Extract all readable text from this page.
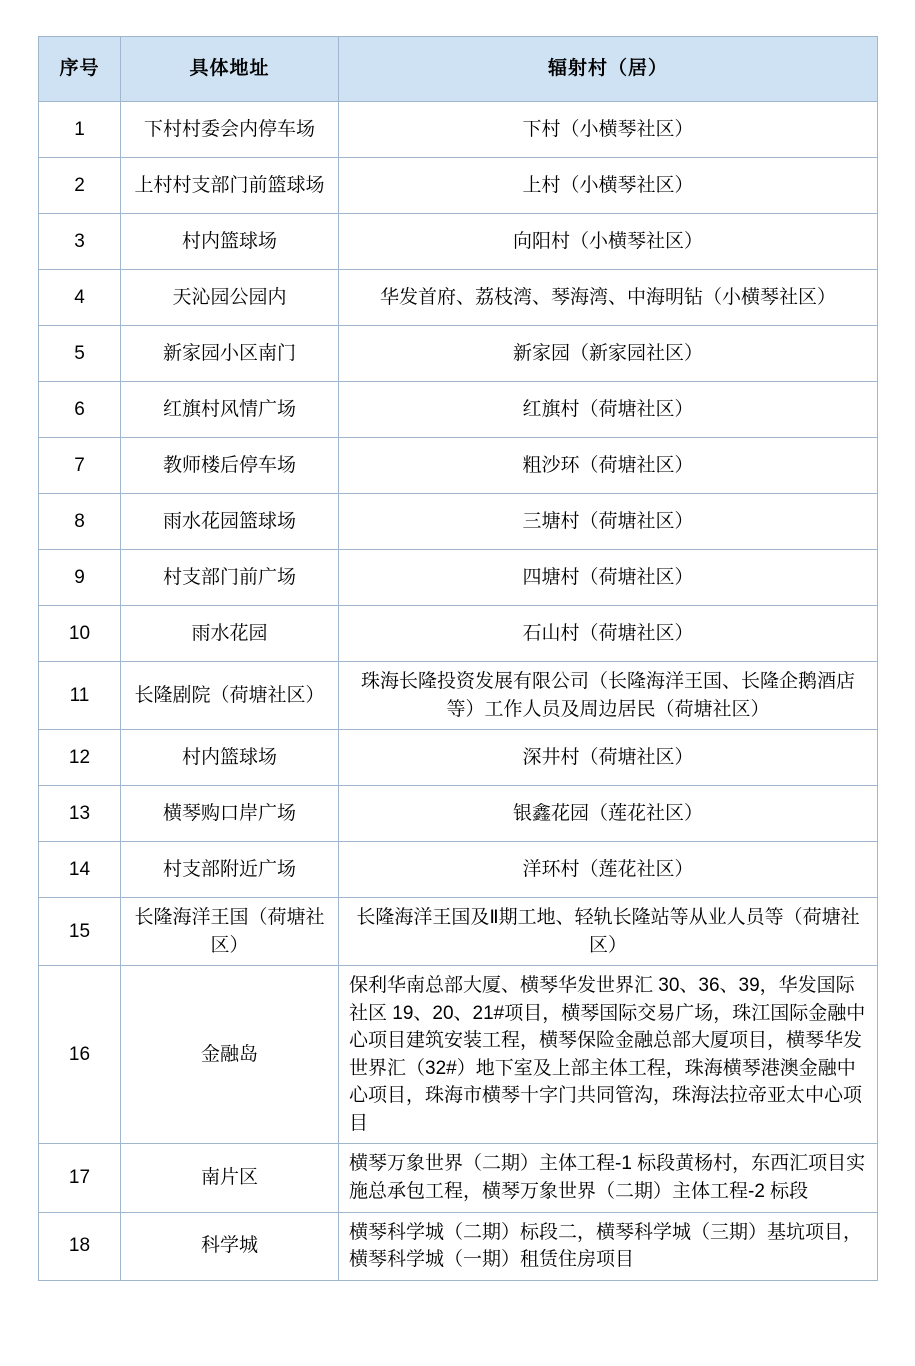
序号	具体地址	辐射村（居）
1	下村村委会内停车场	下村（小横琴社区）
2	上村村支部门前篮球场	上村（小横琴社区）
3	村内篮球场	向阳村（小横琴社区）
4	天沁园公园内	华发首府、荔枝湾、琴海湾、中海明钻（小横琴社区）
5	新家园小区南门	新家园（新家园社区）
6	红旗村风情广场	红旗村（荷塘社区）
7	教师楼后停车场	粗沙环（荷塘社区）
8	雨水花园篮球场	三塘村（荷塘社区）
9	村支部门前广场	四塘村（荷塘社区）
10	雨水花园	石山村（荷塘社区）
11	长隆剧院（荷塘社区）	珠海长隆投资发展有限公司（长隆海洋王国、长隆企鹅酒店等）工作人员及周边居民（荷塘社区）
12	村内篮球场	深井村（荷塘社区）
13	横琴购口岸广场	银鑫花园（莲花社区）
14	村支部附近广场	洋环村（莲花社区）
15	长隆海洋王国（荷塘社区）	长隆海洋王国及Ⅱ期工地、轻轨长隆站等从业人员等（荷塘社区）
16	金融岛	保利华南总部大厦、横琴华发世界汇 30、36、39，华发国际社区 19、20、21#项目，横琴国际交易广场，珠江国际金融中心项目建筑安装工程，横琴保险金融总部大厦项目，横琴华发世界汇（32#）地下室及上部主体工程，珠海横琴港澳金融中心项目，珠海市横琴十字门共同管沟，珠海法拉帝亚太中心项目
17	南片区	横琴万象世界（二期）主体工程-1 标段黄杨村，东西汇项目实施总承包工程，横琴万象世界（二期）主体工程-2 标段
18	科学城	横琴科学城（二期）标段二，横琴科学城（三期）基坑项目，横琴科学城（一期）租赁住房项目
